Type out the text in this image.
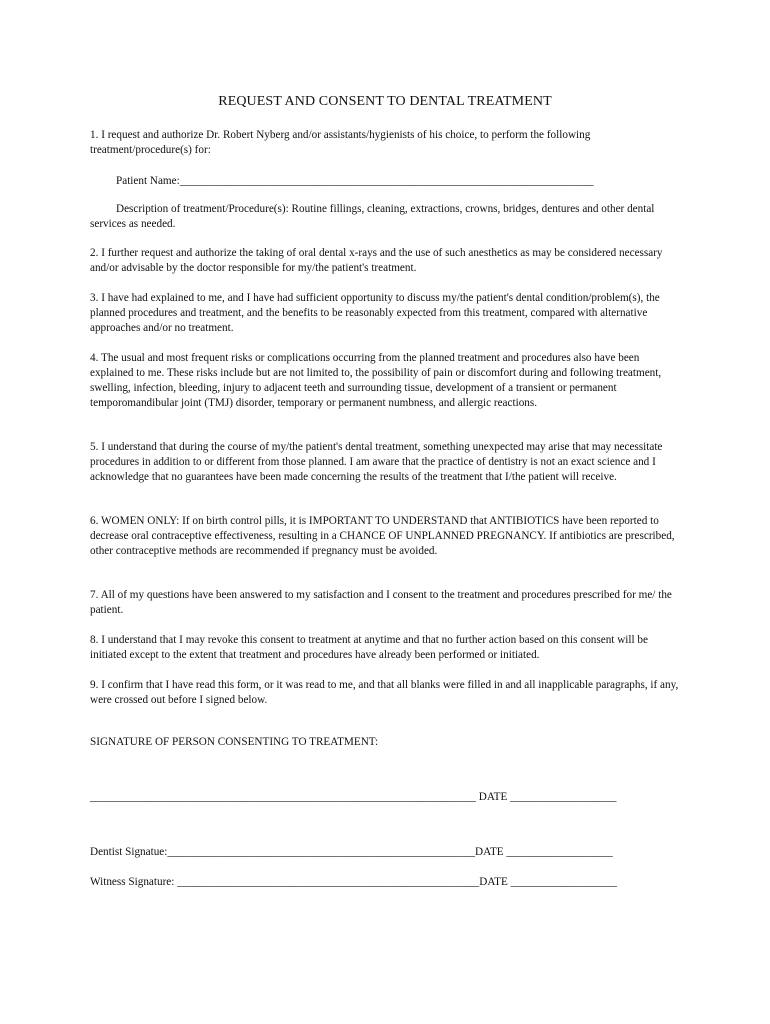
REQUEST AND CONSENT TO DENTAL TREATMENT
1. I request and authorize Dr. Robert Nyberg and/or assistants/hygienists of his choice, to perform the following treatment/procedure(s) for:
Patient Name:__________________________________________________________________________
Description of treatment/Procedure(s): Routine fillings, cleaning, extractions, crowns, bridges, dentures and other dental services as needed.
2. I further request and authorize the taking of oral dental x-rays and the use of such anesthetics as may be considered necessary and/or advisable by the doctor responsible for my/the patient's treatment.
3. I have had explained to me, and I have had sufficient opportunity to discuss my/the patient's dental condition/problem(s), the planned procedures and treatment, and the benefits to be reasonably expected from this treatment, compared with alternative approaches and/or no treatment.
4. The usual and most frequent risks or complications occurring from the planned treatment and procedures also have been explained to me. These risks include but are not limited to, the possibility of pain or discomfort during and following treatment, swelling, infection, bleeding, injury to adjacent teeth and surrounding tissue, development of a transient or permanent temporomandibular joint (TMJ) disorder, temporary or permanent numbness, and allergic reactions.
5. I understand that during the course of my/the patient's dental treatment, something unexpected may arise that may necessitate procedures in addition to or different from those planned. I am aware that the practice of dentistry is not an exact science and I acknowledge that no guarantees have been made concerning the results of the treatment that I/the patient will receive.
6. WOMEN ONLY: If on birth control pills, it is IMPORTANT TO UNDERSTAND that ANTIBIOTICS have been reported to decrease oral contraceptive effectiveness, resulting in a CHANCE OF UNPLANNED PREGNANCY. If antibiotics are prescribed, other contraceptive methods are recommended if pregnancy must be avoided.
7. All of my questions have been answered to my satisfaction and I consent to the treatment and procedures prescribed for me/ the patient.
8. I understand that I may revoke this consent to treatment at anytime and that no further action based on this consent will be initiated except to the extent that treatment and procedures have already been performed or initiated.
9. I confirm that I have read this form, or it was read to me, and that all blanks were filled in and all inapplicable paragraphs, if any, were crossed out before I signed below.
SIGNATURE OF PERSON CONSENTING TO TREATMENT:
_____________________________________________________________________ DATE ___________________
Dentist Signatue:_______________________________________________________DATE ___________________
Witness Signature: ______________________________________________________DATE ___________________
